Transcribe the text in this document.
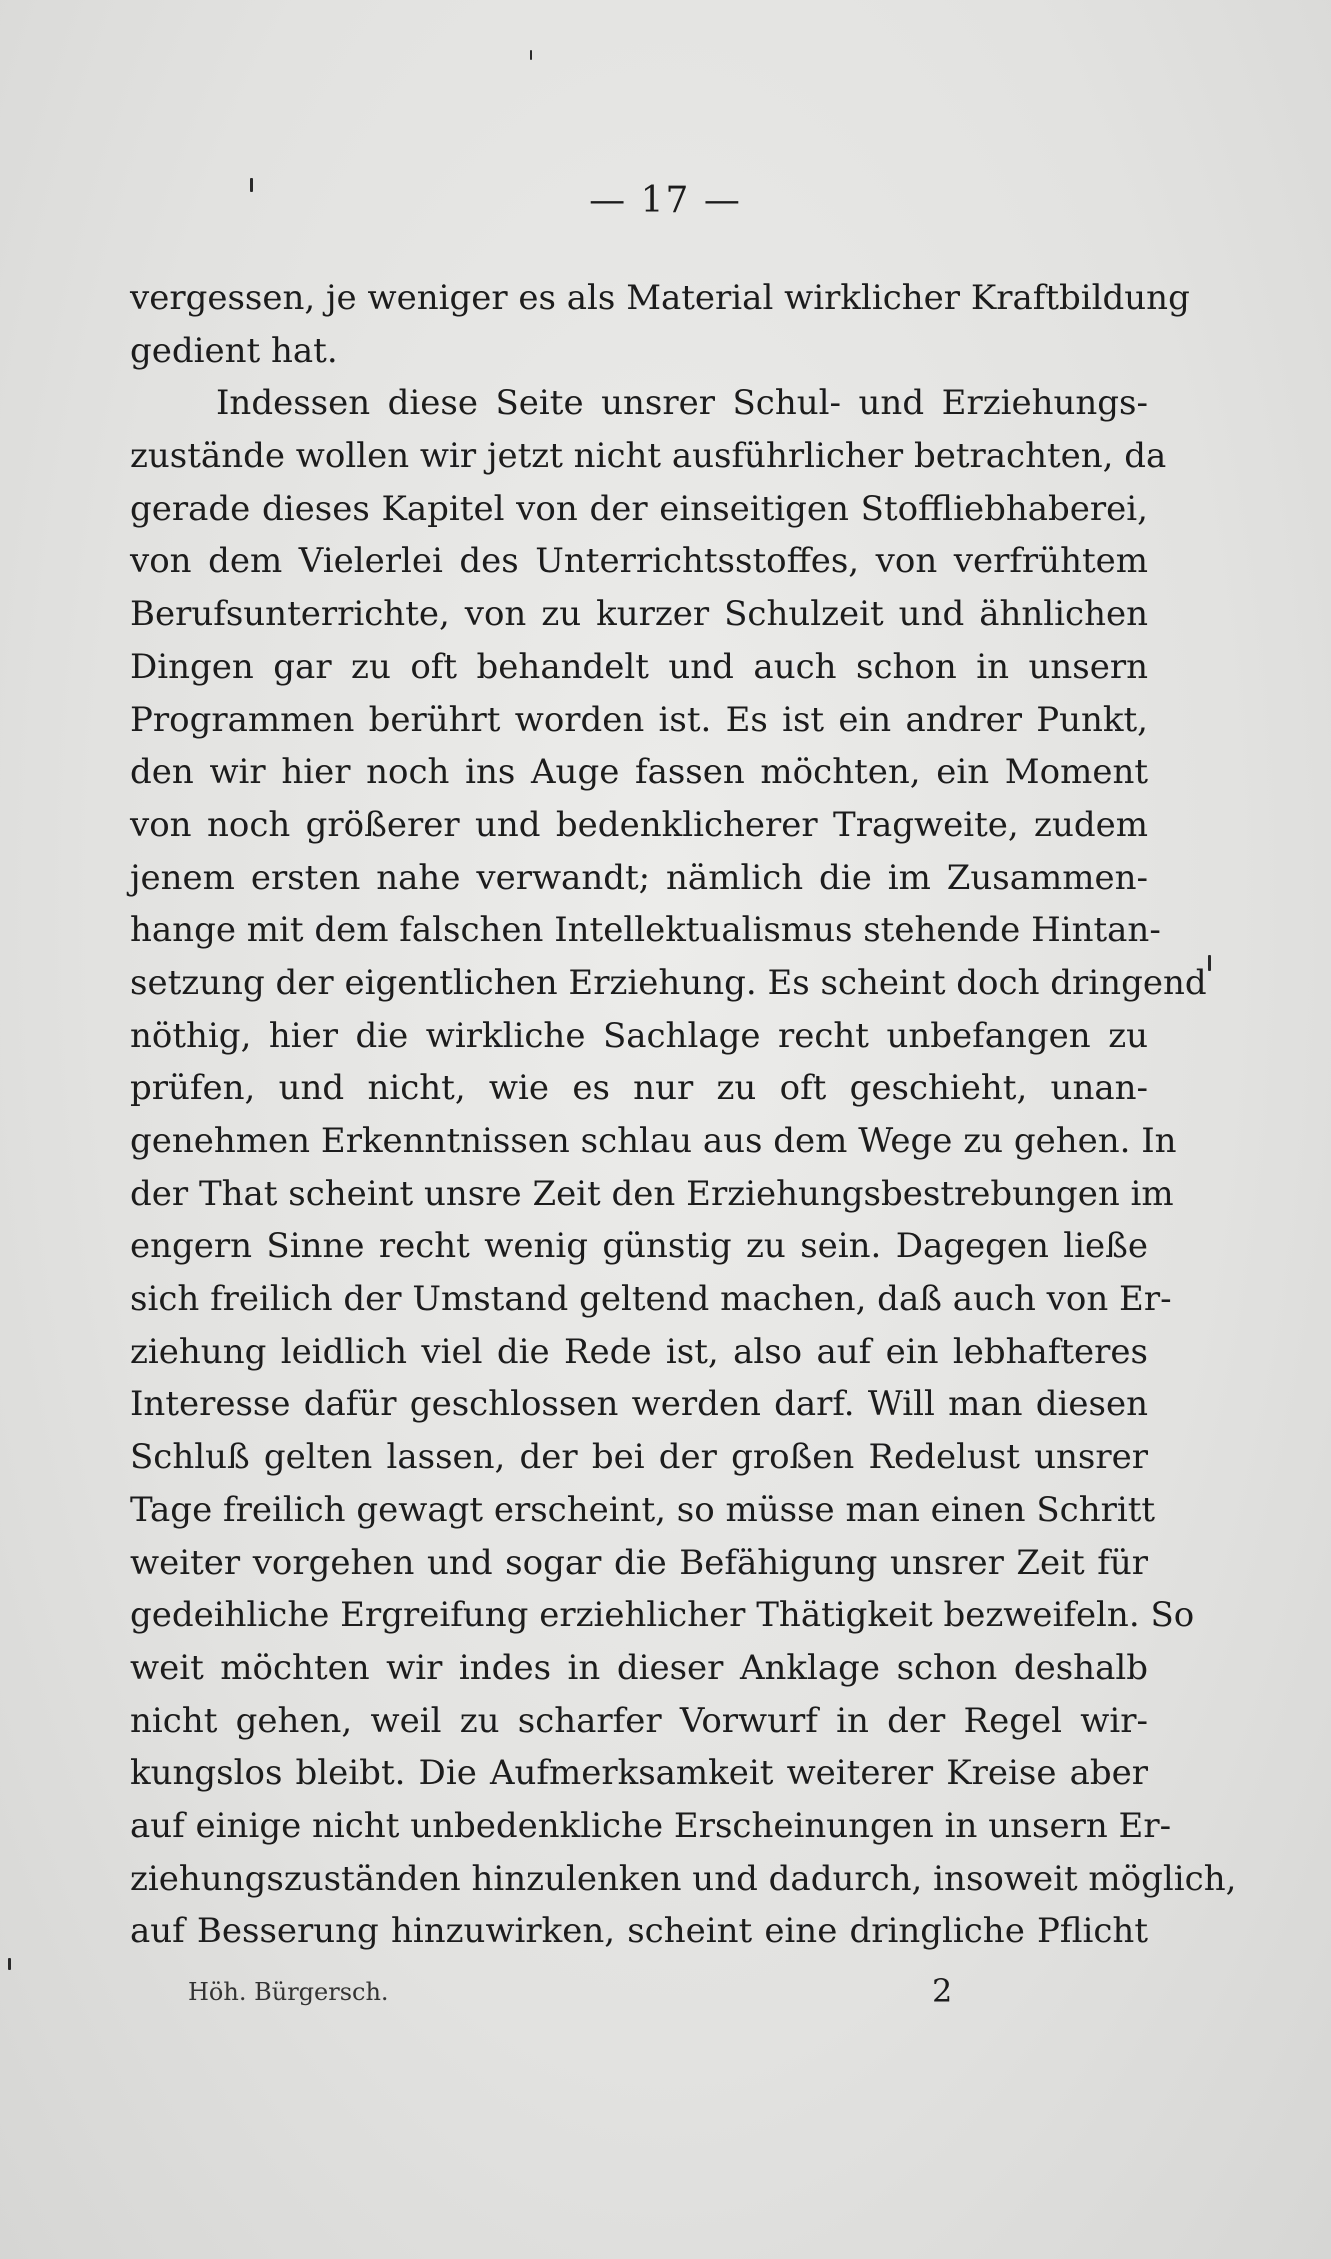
— 17 —
vergessen, je weniger es als Material wirklicher Kraftbildung
gedient hat.
Indessen diese Seite unsrer Schul- und Erziehungs-
zustände wollen wir jetzt nicht ausführlicher betrachten, da
gerade dieses Kapitel von der einseitigen Stoffliebhaberei,
von dem Vielerlei des Unterrichtsstoffes, von verfrühtem
Berufsunterrichte, von zu kurzer Schulzeit und ähnlichen
Dingen gar zu oft behandelt und auch schon in unsern
Programmen berührt worden ist. Es ist ein andrer Punkt,
den wir hier noch ins Auge fassen möchten, ein Moment
von noch größerer und bedenklicherer Tragweite, zudem
jenem ersten nahe verwandt; nämlich die im Zusammen-
hange mit dem falschen Intellektualismus stehende Hintan-
setzung der eigentlichen Erziehung. Es scheint doch dringend
nöthig, hier die wirkliche Sachlage recht unbefangen zu
prüfen, und nicht, wie es nur zu oft geschieht, unan-
genehmen Erkenntnissen schlau aus dem Wege zu gehen. In
der That scheint unsre Zeit den Erziehungsbestrebungen im
engern Sinne recht wenig günstig zu sein. Dagegen ließe
sich freilich der Umstand geltend machen, daß auch von Er-
ziehung leidlich viel die Rede ist, also auf ein lebhafteres
Interesse dafür geschlossen werden darf. Will man diesen
Schluß gelten lassen, der bei der großen Redelust unsrer
Tage freilich gewagt erscheint, so müsse man einen Schritt
weiter vorgehen und sogar die Befähigung unsrer Zeit für
gedeihliche Ergreifung erziehlicher Thätigkeit bezweifeln. So
weit möchten wir indes in dieser Anklage schon deshalb
nicht gehen, weil zu scharfer Vorwurf in der Regel wir-
kungslos bleibt. Die Aufmerksamkeit weiterer Kreise aber
auf einige nicht unbedenkliche Erscheinungen in unsern Er-
ziehungszuständen hinzulenken und dadurch, insoweit möglich,
auf Besserung hinzuwirken, scheint eine dringliche Pflicht
Höh. Bürgersch.	2
